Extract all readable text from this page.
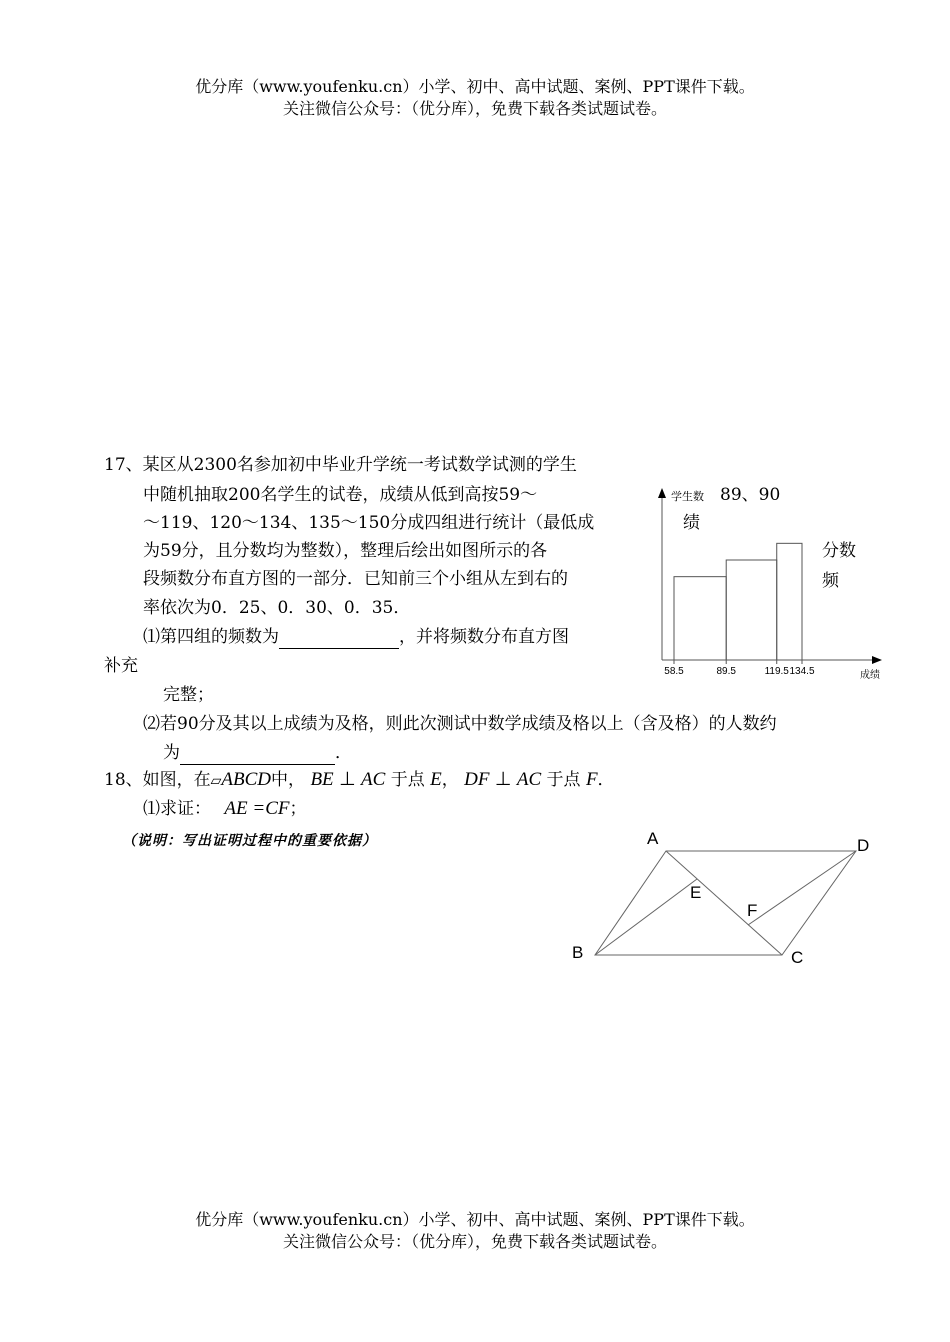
优分库（www.youfenku.cn）小学、初中、高中试题、案例、PPT课件下载。
关注微信公众号：（优分库），免费下载各类试题试卷。
17、某区从2300名参加初中毕业升学统一考试数学试测的学生
中随机抽取200名学生的试卷，成绩从低到高按59～
～119、120～134、135～150分成四组进行统计（最低成
为59分，且分数均为整数），整理后绘出如图所示的各
段频数分布直方图的一部分．已知前三个小组从左到右的
率依次为0．25、0．30、0．35．
⑴第四组的频数为	，并将频数分布直方图
补充
完整；
⑵若90分及其以上成绩为及格，则此次测试中数学成绩及格以上（含及格）的人数约
为	．
89、90
绩
分数
频
学生数
成绩
58.5	89.5	119.5 134.5
18、如图，在▱ABCD中， BE ⊥ AC 于点 E， DF ⊥ AC 于点 F．
⑴求证： AE =CF；
（说明：写出证明过程中的重要依据）	A	D
E
F
B	C
优分库（www.youfenku.cn）小学、初中、高中试题、案例、PPT课件下载。
关注微信公众号：（优分库），免费下载各类试题试卷。
